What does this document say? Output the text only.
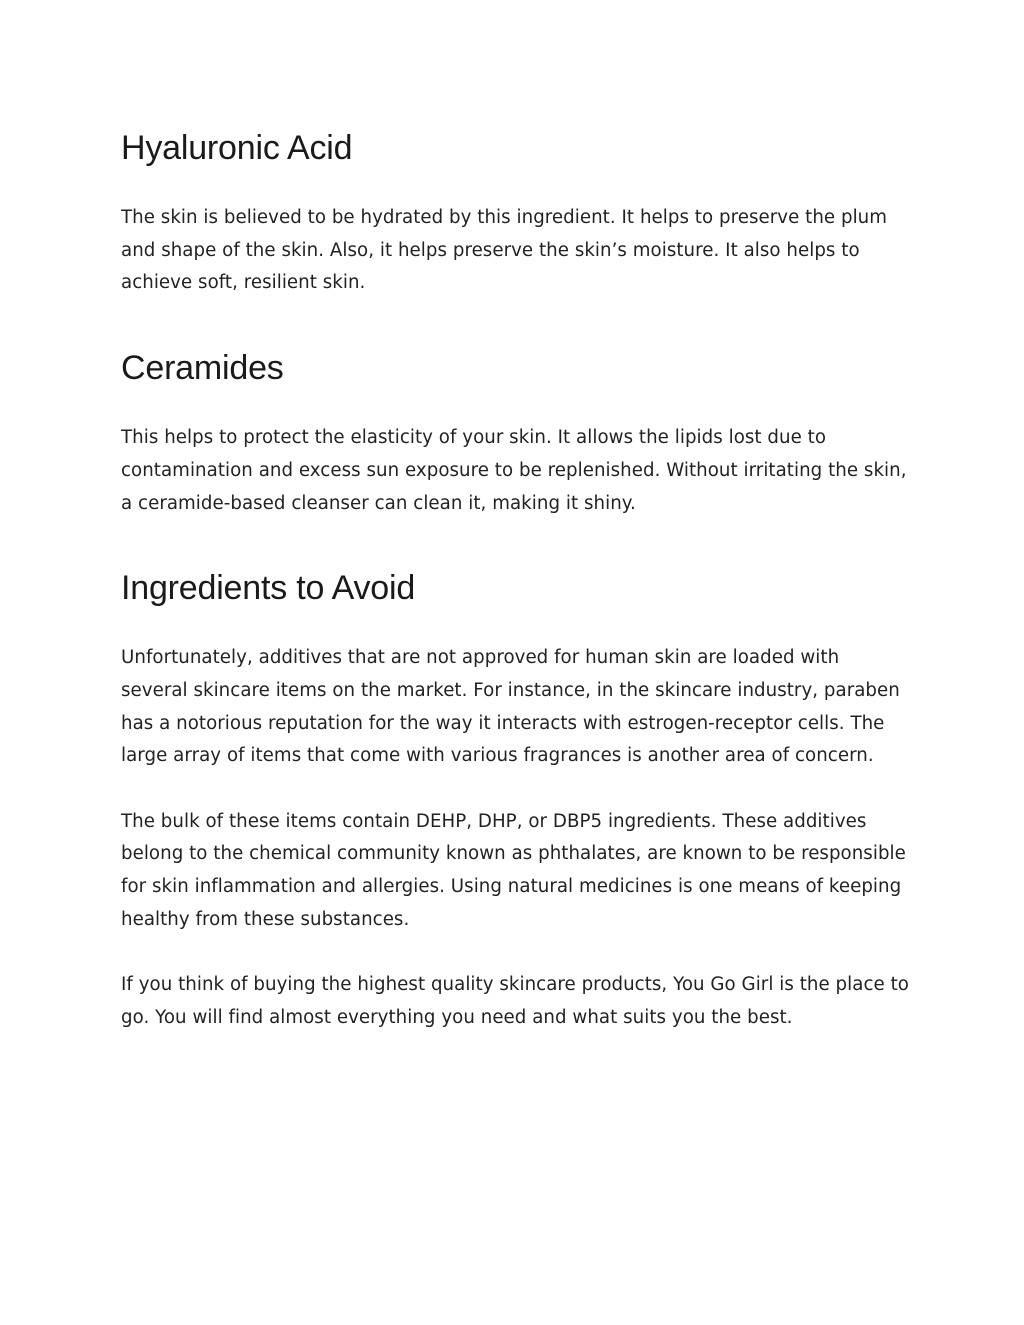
Hyaluronic Acid

The skin is believed to be hydrated by this ingredient. It helps to preserve the plum and shape of the skin. Also, it helps preserve the skin’s moisture. It also helps to achieve soft, resilient skin.

Ceramides

This helps to protect the elasticity of your skin. It allows the lipids lost due to contamination and excess sun exposure to be replenished. Without irritating the skin, a ceramide-based cleanser can clean it, making it shiny.

Ingredients to Avoid

Unfortunately, additives that are not approved for human skin are loaded with several skincare items on the market. For instance, in the skincare industry, paraben has a notorious reputation for the way it interacts with estrogen-receptor cells. The large array of items that come with various fragrances is another area of concern.

The bulk of these items contain DEHP, DHP, or DBP5 ingredients. These additives belong to the chemical community known as phthalates, are known to be responsible for skin inflammation and allergies. Using natural medicines is one means of keeping healthy from these substances.

If you think of buying the highest quality skincare products, You Go Girl is the place to go. You will find almost everything you need and what suits you the best.
